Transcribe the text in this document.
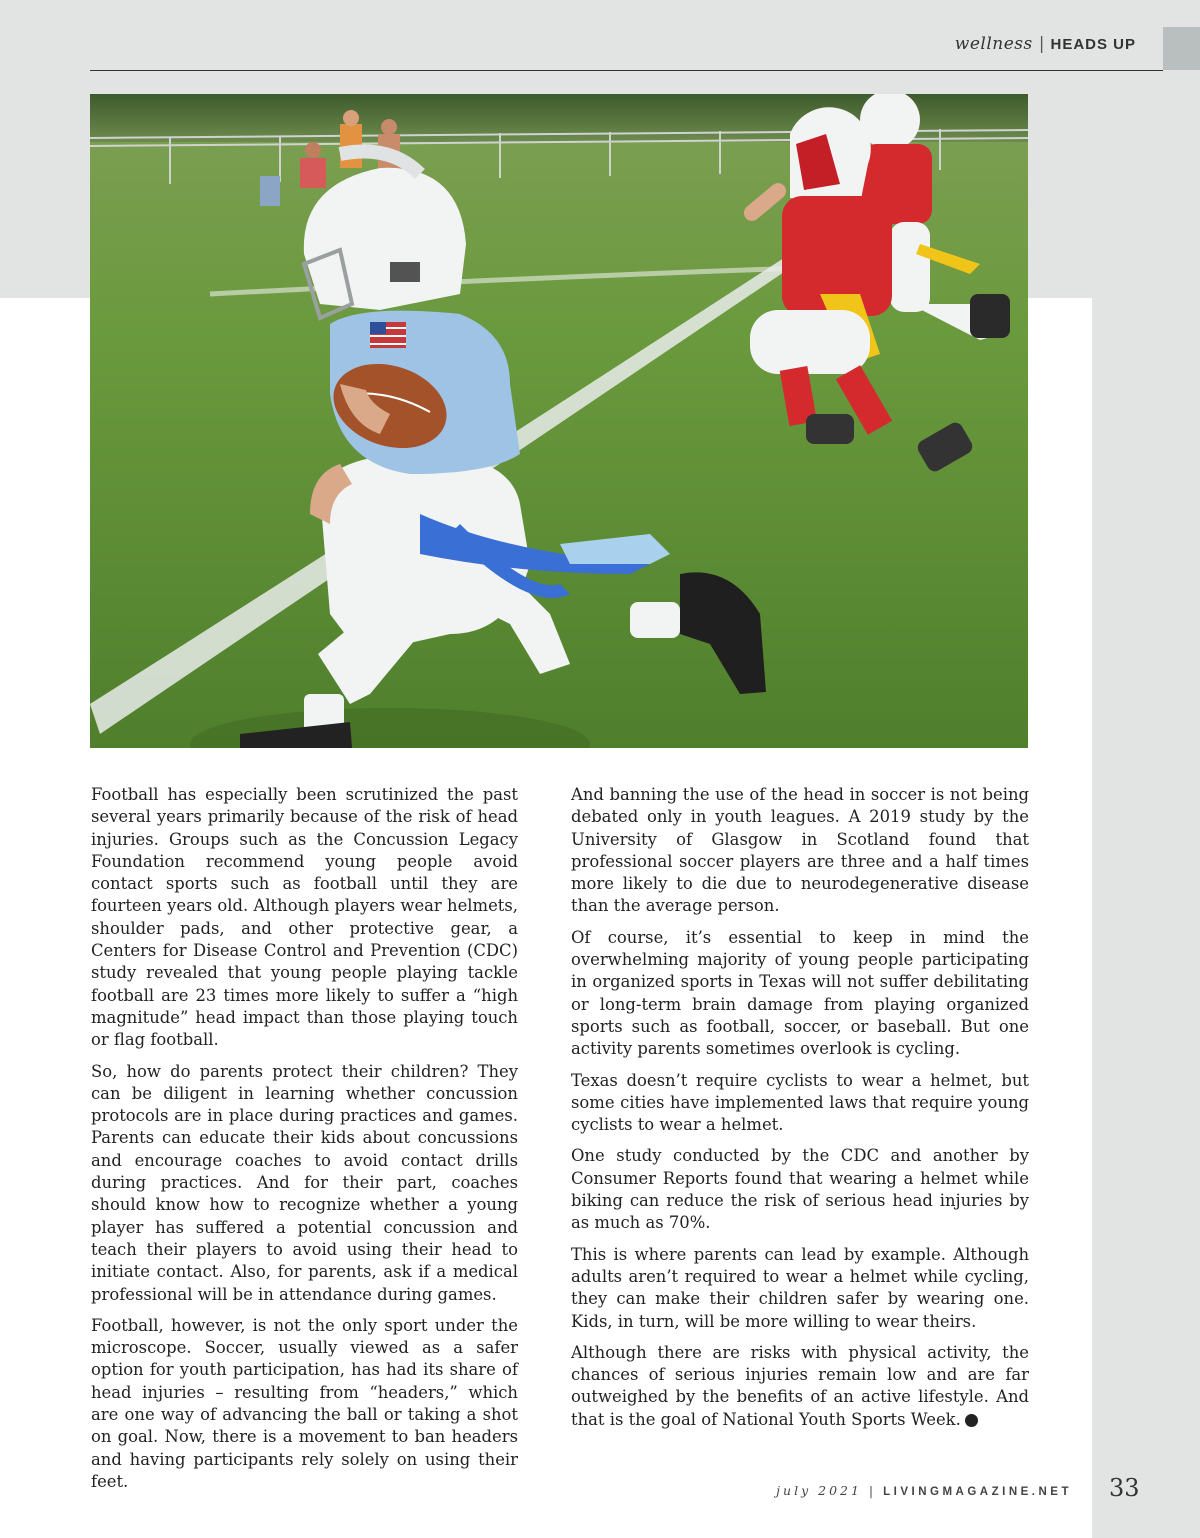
wellness | HEADS UP

Football has especially been scrutinized the past several years primarily because of the risk of head injuries. Groups such as the Concussion Legacy Foundation recommend young people avoid contact sports such as football until they are fourteen years old. Although players wear helmets, shoulder pads, and other protective gear, a Centers for Disease Control and Prevention (CDC) study revealed that young people playing tackle football are 23 times more likely to suffer a “high magnitude” head impact than those playing touch or flag football.

So, how do parents protect their children? They can be diligent in learning whether concussion protocols are in place during practices and games. Parents can educate their kids about concussions and encourage coaches to avoid contact drills during practices. And for their part, coaches should know how to recognize whether a young player has suffered a potential concussion and teach their players to avoid using their head to initiate contact. Also, for parents, ask if a medical professional will be in attendance during games.

Football, however, is not the only sport under the microscope. Soccer, usually viewed as a safer option for youth participation, has had its share of head injuries – resulting from “headers,” which are one way of advancing the ball or taking a shot on goal. Now, there is a movement to ban headers and having participants rely solely on using their feet.

And banning the use of the head in soccer is not being debated only in youth leagues. A 2019 study by the University of Glasgow in Scotland found that professional soccer players are three and a half times more likely to die due to neurodegenerative disease than the average person.

Of course, it’s essential to keep in mind the overwhelming majority of young people participating in organized sports in Texas will not suffer debilitating or long-term brain damage from playing organized sports such as football, soccer, or baseball. But one activity parents sometimes overlook is cycling.

Texas doesn’t require cyclists to wear a helmet, but some cities have implemented laws that require young cyclists to wear a helmet.

One study conducted by the CDC and another by Consumer Reports found that wearing a helmet while biking can reduce the risk of serious head injuries by as much as 70%.

This is where parents can lead by example. Although adults aren’t required to wear a helmet while cycling, they can make their children safer by wearing one. Kids, in turn, will be more willing to wear theirs.

Although there are risks with physical activity, the chances of serious injuries remain low and are far outweighed by the benefits of an active lifestyle. And that is the goal of National Youth Sports Week.

july 2021 | LIVINGMAGAZINE.NET 33
